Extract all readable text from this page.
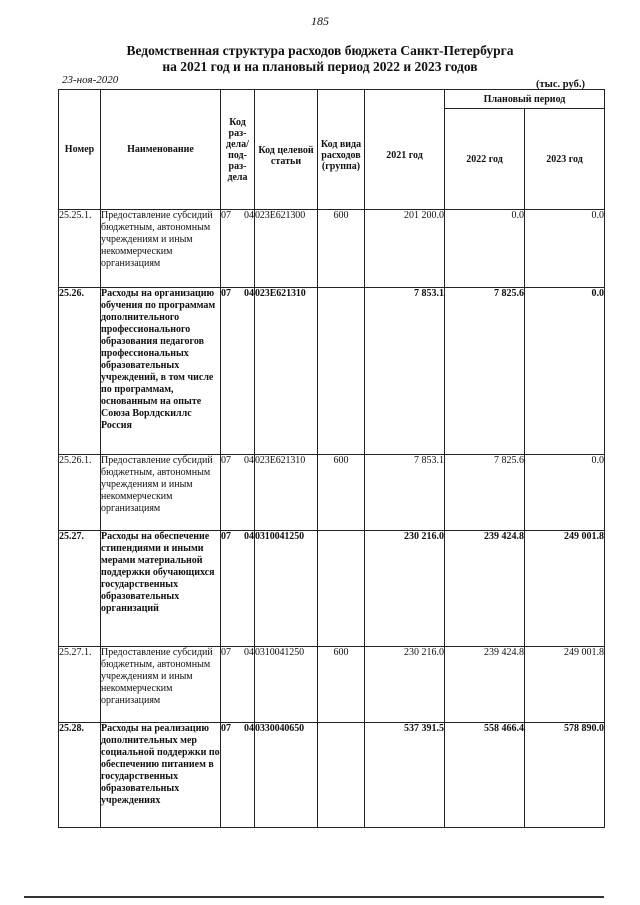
185
Ведомственная структура расходов бюджета Санкт-Петербурга
на 2021 год и на плановый период 2022 и 2023 годов
23-ноя-2020	(тыс. руб.)
Номер	Наименование	Код раз-дела/ под-раз-дела	Код целевой статьи	Код вида расходов (группа)	2021 год	Плановый период	
						2022 год	2023 год
25.25.1.	Предоставление субсидий бюджетным, автономным учреждениям и иным некоммерческим организациям	07 04	023E621300	600	201 200.0	0.0	0.0
25.26.	Расходы на организацию обучения по программам дополнительного профессионального образования педагогов профессиональных образовательных учреждений, в том числе по программам, основанным на опыте Союза Ворлдскиллс Россия	07 04	023E621310		7 853.1	7 825.6	0.0
25.26.1.	Предоставление субсидий бюджетным, автономным учреждениям и иным некоммерческим организациям	07 04	023E621310	600	7 853.1	7 825.6	0.0
25.27.	Расходы на обеспечение стипендиями и иными мерами материальной поддержки обучающихся государственных образовательных организаций	07 04	0310041250		230 216.0	239 424.8	249 001.8
25.27.1.	Предоставление субсидий бюджетным, автономным учреждениям и иным некоммерческим организациям	07 04	0310041250	600	230 216.0	239 424.8	249 001.8
25.28.	Расходы на реализацию дополнительных мер социальной поддержки по обеспечению питанием в государственных образовательных учреждениях	07 04	0330040650		537 391.5	558 466.4	578 890.0
